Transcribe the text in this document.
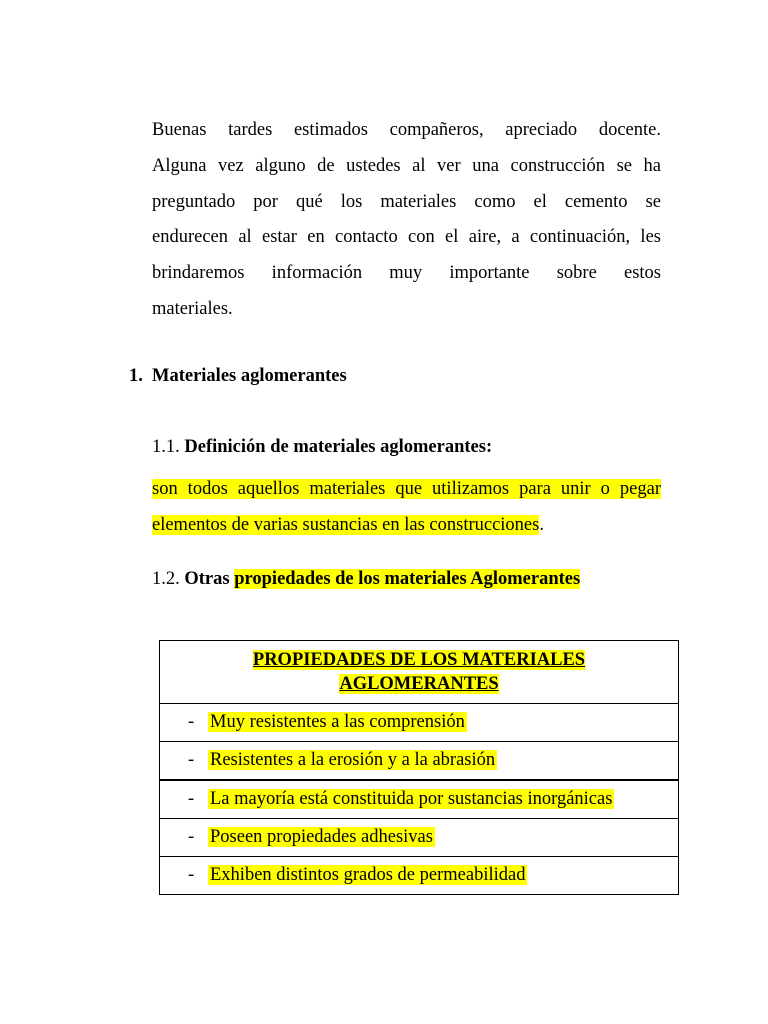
Buenas tardes estimados compañeros, apreciado docente.
Alguna vez alguno de ustedes al ver una construcción se ha
preguntado por qué los materiales como el cemento se
endurecen al estar en contacto con el aire, a continuación, les
brindaremos información muy importante sobre estos
materiales.
1. Materiales aglomerantes
1.1. Definición de materiales aglomerantes:
son todos aquellos materiales que utilizamos para unir o pegar
elementos de varias sustancias en las construcciones.
1.2. Otras propiedades de los materiales Aglomerantes
PROPIEDADES DE LOS MATERIALES
AGLOMERANTES

- Muy resistentes a las comprensión

- Resistentes a la erosión y a la abrasión

- La mayoría está constituida por sustancias inorgánicas

- Poseen propiedades adhesivas

- Exhiben distintos grados de permeabilidad
